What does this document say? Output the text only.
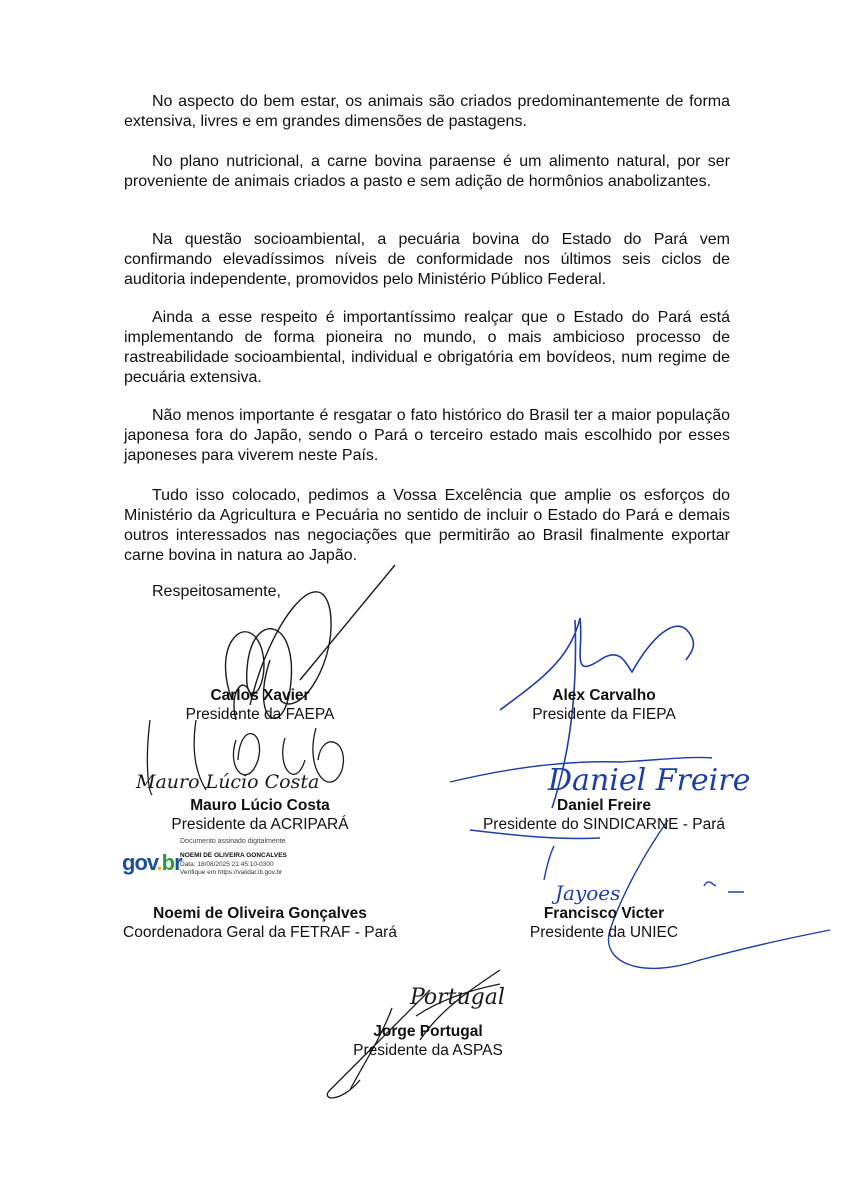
No aspecto do bem estar, os animais são criados predominantemente de forma extensiva, livres e em grandes dimensões de pastagens.

No plano nutricional, a carne bovina paraense é um alimento natural, por ser proveniente de animais criados a pasto e sem adição de hormônios anabolizantes.

Na questão socioambiental, a pecuária bovina do Estado do Pará vem confirmando elevadíssimos níveis de conformidade nos últimos seis ciclos de auditoria independente, promovidos pelo Ministério Público Federal.

Ainda a esse respeito é importantíssimo realçar que o Estado do Pará está implementando de forma pioneira no mundo, o mais ambicioso processo de rastreabilidade socioambiental, individual e obrigatória em bovídeos, num regime de pecuária extensiva.

Não menos importante é resgatar o fato histórico do Brasil ter a maior população japonesa fora do Japão, sendo o Pará o terceiro estado mais escolhido por esses japoneses para viverem neste País.

Tudo isso colocado, pedimos a Vossa Excelência que amplie os esforços do Ministério da Agricultura e Pecuária no sentido de incluir o Estado do Pará e demais outros interessados nas negociações que permitirão ao Brasil finalmente exportar carne bovina in natura ao Japão.

Respeitosamente,

Mauro Lúcio Costa	Daniel Freire
Jayoes
Portugal
Carlos Xavier
Presidente da FAEPA
Alex Carvalho
Presidente da FIEPA
Mauro Lúcio Costa
Presidente da ACRIPARÁ
Daniel Freire
Presidente do SINDICARNE - Pará
gov.br
Documento assinado digitalmente
NOEMI DE OLIVEIRA GONCALVES
Data: 18/08/2025 21:45:10-0300
Verifique em https://validar.iti.gov.br
Noemi de Oliveira Gonçalves
Coordenadora Geral da FETRAF - Pará
Francisco Victer
Presidente da UNIEC
Jorge Portugal
Presidente da ASPAS
